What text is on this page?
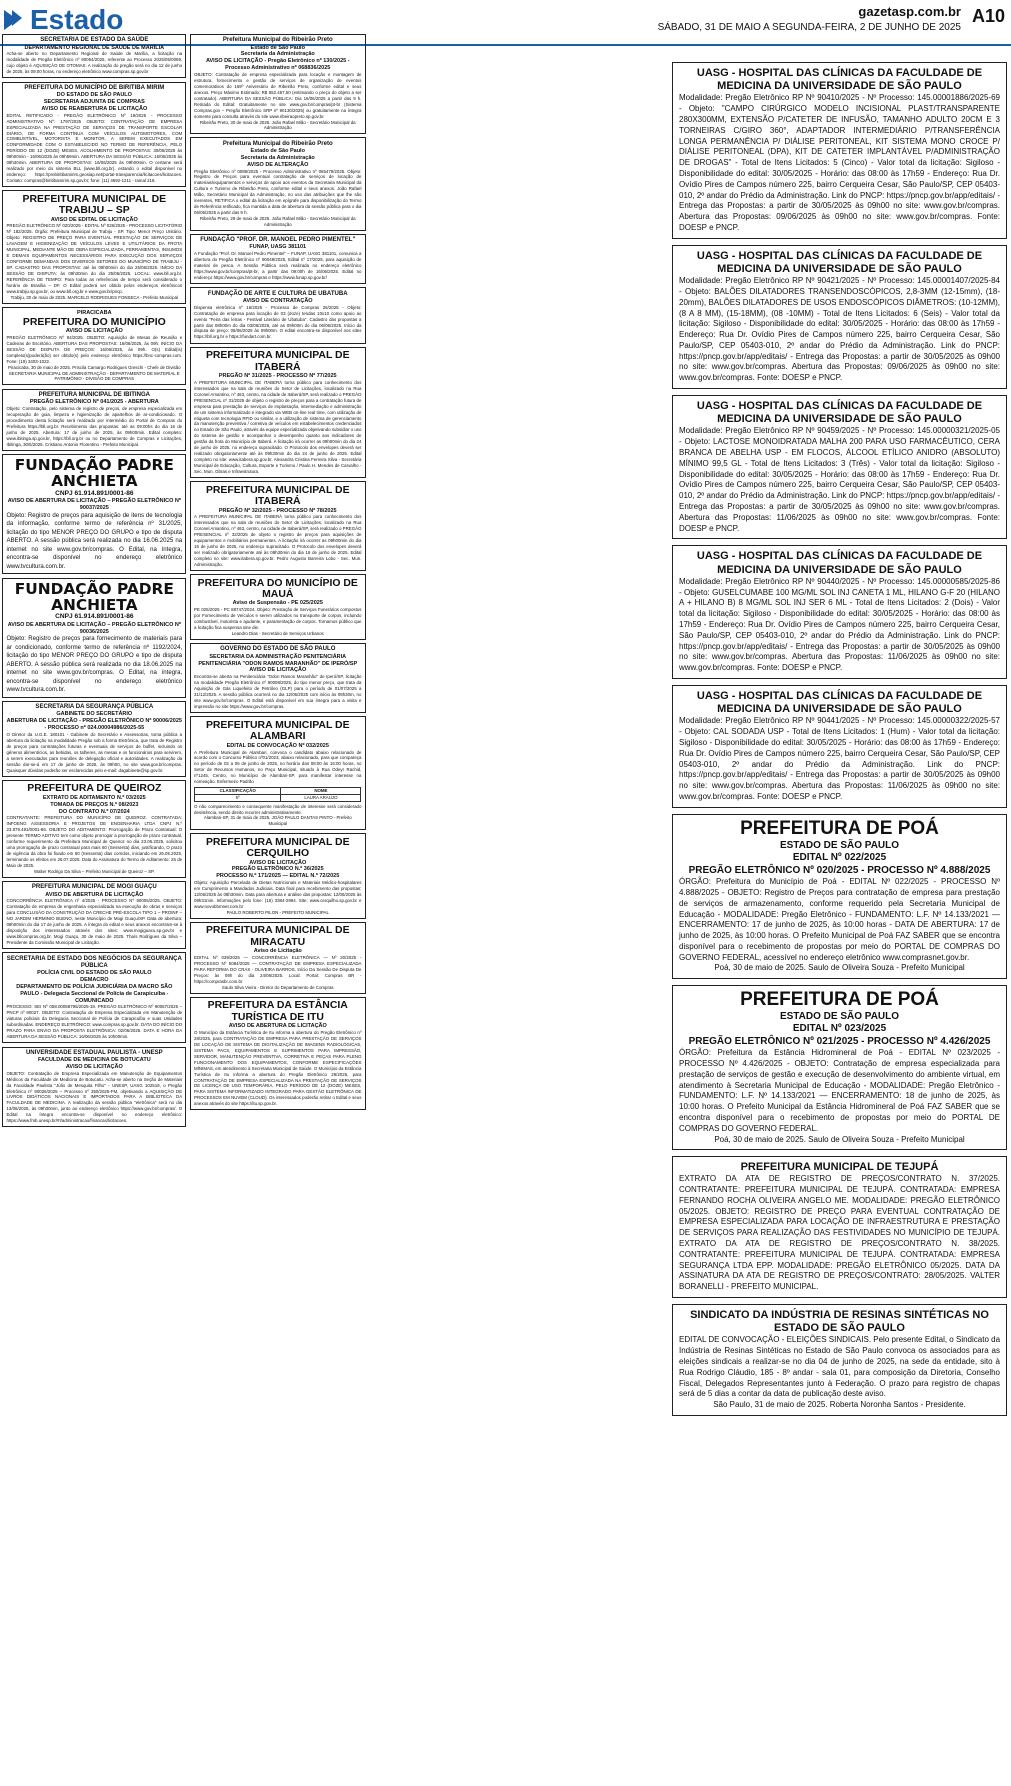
Estado	gazetasp.com.br
SÁBADO, 31 DE MAIO A SEGUNDA-FEIRA, 2 DE JUNHO DE 2025
A10
SECRETARIA DE ESTADO DA SAÚDE
DEPARTAMENTO REGIONAL DE SAÚDE DE MARÍLIA

Acha-se aberto no Departamento Regional de Saúde de Marília, a licitação na modalidade de Pregão Eletrônico nº 90054/2025, referente ao Processo 2025/05/0069, cujo objeto é AQUISIÇÃO DE OTOMAS. A realização do pregão será no dia 12 de junho de 2025, às 09:00 horas, no endereço eletrônico www.compras.sp.gov.br

PREFEITURA DO MUNICÍPIO DE BIRITIBA MIRIM
DO ESTADO DE SÃO PAULO
SECRETARIA ADJUNTA DE COMPRAS
AVISO DE REABERTURA DE LICITAÇÃO

EDITAL RETIFICADO - PREGÃO ELETRÔNICO Nº 19/2025 - PROCESSO ADMINISTRATIVO Nº: 1797/2025 OBJETO: CONTRATAÇÃO DE EMPRESA ESPECIALIZADA NA PRESTAÇÃO DE SERVIÇOS DE TRANSPORTE ESCOLAR DIÁRIO, DE FORMA CONTÍNUA COM VEÍCULOS AUTOMOTORES, COM COMBUSTÍVEL, MOTORISTA E MONITOR, A SEREM EXECUTADOS EM CONFORMIDADE COM O ESTABELECIDO NO TERMO DE REFERÊNCIA, PELO PERÍODO DE 12 (DOZE) MESES. ACOLHIMENTO DE PROPOSTAS: 30/05/2025 às 09h00min - 16/06/2025 às 09h59min. ABERTURA DA SESSÃO PÚBLICA: 16/06/2025 às 09h30min. ABERTURA DE PROPOSTAS: 16/06/2025 às 09h00min. O certame será realizado por meio do sistema BLL (www.bll.org.br), estando o edital disponível no endereço: https://prebiritibamirim.geosiap.net/portal-transparencia/licitacoes/licitacoes. Contato: compras@biritibamirim.sp.gov.br; fone: (11) 4692-1211 - ramal 218.

PREFEITURA MUNICIPAL DE TRABIJU – SP
AVISO DE EDITAL DE LICITAÇÃO

PREGÃO ELETRÔNICO Nº 020/2025 - EDITAL Nº 026/2025 - PROCESSO LICITATÓRIO Nº 182/2025. Órgão: Prefeitura Municipal de Trabiju - SP. Tipo: Menor Preço Unitário. Objeto: REGISTRO DE PREÇO PARA EVENTUAL PRESTAÇÃO DE SERVIÇOS DE LAVAGEM E HIGIENIZAÇÃO DE VEÍCULOS LEVES E UTILITÁRIOS DA FROTA MUNICIPAL, MEDIANTE MÃO DE OBRA ESPECIALIZADA, FERRAMENTAS, INSUMOS E DEMAIS EQUIPAMENTOS NECESSÁRIOS PARA EXECUÇÃO DOS SERVIÇOS CONFORME DEMANDAS DOS DIVERSOS SETORES DO MUNICÍPIO DE TRABIJU - SP. CADASTRO DAS PROPOSTAS: até às 09h00min do dia 25/06/2025. INÍCIO DA SESSÃO DE DISPUTA: às 09h30min do dia 25/06/2025. LOCAL: www.bll.org.br. REFERÊNCIA DE TEMPO: Para todas as referências de tempo será considerado o horário de Brasília – DF. O Edital poderá ser obtido pelos endereços eletrônicos www.trabiju.sp.gov.br, ou www.bll.org.br e www.gov.br/pncp.

Trabiju, 30 de maio de 2025. MARCELO RODRIGUES FONSECA - Prefeito Municipal
PIRACICABA
PREFEITURA DO MUNICÍPIO
AVISO DE LICITAÇÃO

PREGÃO ELETRÔNICO Nº 84/2025. OBJETO: Aquisição de Mesas de Reunião e Cadeiras de Escritório. ABERTURA DAS PROPOSTAS: 16/06/2025, às 09h. INÍCIO DA SESSÃO DE DISPUTA DE PREÇOS: 16/06/2025, às 09h. O(s) Edital(is) completo(s)poderá(ão) ser obtido(s) pelo endereço eletrônico https://bnc-compras.com. Fone: (19) 3403-1022.

Piracicaba, 30 de maio de 2025. Priscila Camargo Rodrigues Greschi - Chefe de Divisão
SECRETARIA MUNICIPAL DE ADMINISTRAÇÃO - DEPARTAMENTO DE MATERIAL E PATRIMÔNIO - DIVISÃO DE COMPRAS
PREFEITURA MUNICIPAL DE IBITINGA
PREGÃO ELETRÔNICO Nº 041/2025 - ABERTURA

Objeto: Contratação, pelo sistema de registro de preços, de empresa especializada em recuperação de guia, limpeza e higienização de apartelhos de ar-condicionado. O procedimento desta licitação será realizado por intermédio do Portal de Compras do Prefeitura https://bll.org.br. Recebimento das propostas: até as 09:00hs do dia 16 de junho de 2025. Abertura: 17 de junho de 2025, às 09h00min. Edital completo: www.ibitinga.sp.gov.br, https://bll.org.br ou no Departamento de Compras e Licitações, Ibitinga, 30/5/2025. Cristiano Antonio Florentino - Prefeito Municipal.

FUNDAÇÃO PADRE ANCHIETA
CNPJ 61.914.891/0001-86
AVISO DE ABERTURA DE LICITAÇÃO – PREGÃO ELETRÔNICO Nº 90037/2025

Objeto: Registro de preços para aquisição de itens de tecnologia da informação, conforme termo de referência nº 31/2025, licitação do tipo MENOR PREÇO DO GRUPO e tipo de disputa ABERTO. A sessão pública será realizada no dia 16.06.2025 na internet no site www.gov.br/compras. O Edital, na íntegra, encontra-se disponível no endereço eletrônico www.tvcultura.com.br.

FUNDAÇÃO PADRE ANCHIETA
CNPJ 61.914.891/0001-86
AVISO DE ABERTURA DE LICITAÇÃO – PREGÃO ELETRÔNICO Nº 90036/2025

Objeto: Registro de preços para fornecimento de materiais para ar condicionado, conforme termo de referência nº 1192/2024, licitação do tipo MENOR PREÇO DO GRUPO e tipo de disputa ABERTO. A sessão pública será realizada no dia 18.06.2025 na internet no site www.gov.br/compras. O Edital, na íntegra, encontra-se disponível no endereço eletrônico www.tvcultura.com.br.

SECRETARIA DA SEGURANÇA PÚBLICA
GABINETE DO SECRETÁRIO
ABERTURA DE LICITAÇÃO - PREGÃO ELETRÔNICO Nº 90006/2025 - PROCESSO nº 024.00004986/2025-55

O Diretor da U.G.E. 180101 - Gabinete do Secretário e Assessorias, torna pública a abertura da licitação na modalidade Pregão sob a forma Eletrônica, que trata de Registro de preços para contratações futuras e eventuais de serviços de buffet, incluindo os gêneros alimentícios, as bebidas, os talheres, as mesas e os funcionários para servirem, a serem executados para reuniões de delegação oficial e autoridades. A realização da sessão dar-se-á em 17 de junho de 2025, às 09h00, no site www.gov.br/compras. Quaisquer dúvidas poderão ser esclarecidas pelo e-mail: dagabinete@sp.gov.br.

PREFEITURA DE QUEIROZ
EXTRATO DE ADITAMENTO N.º 03/2025
TOMADA DE PREÇOS N.º 08/2023
DO CONTRATO N.º 07/2024

CONTRATANTE: PREFEITURA DO MUNICÍPIO DE QUEIROZ. CONTRATADA: INFOENG ASSESSORIA E PROJETOS DE ENGENHARIA LTDA CNPJ N.º 23.879.491/0001-86. OBJETO DO ADITAMENTO: Prorrogação de Prazo Contratual: O presente TERMO ADITIVO tem como objeto prorrogar a prorrogação de prazo contratual, conforme requerimento da Prefeitura Municipal de Queiroz no dia 23.05.2025, solicitou uma prorrogação de prazo contratual para mais 60 (Sessenta) dias, justificando, O prazo de vigência da obra foi fixado em 60 (Sessenta) dias corridos, iniciando em 26.05.2025, terminando os efeitos em 26.07.2025. Data do Assinatura do Termo de Aditamento: 26 de Maio de 2025.

Walter Rodrigo Da Silva – Prefeito Municipal de Queiroz – SP.
PREFEITURA MUNICIPAL DE MOGI GUAÇU
AVISO DE ABERTURA DE LICITAÇÃO

CONCORRÊNCIA ELETRÔNICA nº 4/2025 - PROCESSO Nº 90006/2025. OBJETO: Contratação de empresa de engenharia especializada na execução de obras e serviços para CONCLUSÃO DA CONSTRUÇÃO DA CRECHE PRÉ-ESCOLA TIPO 1 – PROINF – NO JARDIM HERMINIO BUENO, neste Município de Mogi Guaçu/SP. Data de abertura: 09h00min do dia 17 de junho de 2025. A íntegra do edital e seus anexos encontram-se à disposição dos interessados através dos sites: www.mogiguacu.sp.gov.br e www.bllcompras.org.br. Mogi Guaçu, 30 de maio de 2025. Thaís Rodrigues da Silva – Presidente da Comissão Municipal de Licitação.

SECRETARIA DE ESTADO DOS NEGÓCIOS DA SEGURANÇA PÚBLICA
POLÍCIA CIVIL DO ESTADO DE SÃO PAULO
DEMACRO
DEPARTAMENTO DE POLÍCIA JUDICIÁRIA DA MACRO SÃO PAULO - Delegacia Seccional de Polícia de Carapicuíba - COMUNICADO

PROCESSO: SEI Nº 058.00058795/2025-19. PREGÃO ELETRÔNICO Nº 90067/2025 – PNCP nº 90027. OBJETO: Contratação de Empresa Especializada em Manutenção de viaturas policiais da Delegacia Seccional de Polícia de Carapicuíba e suas Unidades subordinadas. ENDEREÇO ELETRÔNICO: www.compras.sp.gov.br. DATA DO INÍCIO DO PRAZO PARA ENVIO DA PROPOSTA ELETRÔNICA: 02/06/2025. DATA E HORA DA ABERTURA DA SESSÃO PÚBLICA: 16/06/2025 às 10h00min.

UNIVERSIDADE ESTADUAL PAULISTA - UNESP
FACULDADE DE MEDICINA DE BOTUCATU
AVISO DE LICITAÇÃO

OBJETO: Contratação de Empresa Especializada em Manutenção de Equipamentos Médicos da Faculdade de Medicina de Botucatu. Acha-se aberto na Seção de Materiais da Faculdade Paulista "Júlio de Mesquita Filho" - UNESP, UASG 102519, o Pregão Eletrônico nº 90026/2025 – Processo nº 350/2025-FM, objetivando a AQUISIÇÃO DE LIVROS DIDÁTICOS NACIONAIS E IMPORTADOS PARA A BIBLIOTECA DA FACULDADE DE MEDICINA. A realização da sessão pública "eletrônica" será no dia 13/06/2025, às 09h30min, junto ao endereço eletrônico https://www.gov.br/compras/. O Edital na íntegra encontra-se disponível no endereço eletrônico: https://www.fmb.unesp.br/#!/administracao/financas/licitacoes.

Prefeitura Municipal do Ribeirão Preto
Estado de São Paulo
Secretaria da Administração
AVISO DE LICITAÇÃO - Pregão Eletrônico nº 130/2025 - Processo Administrativo nº 068836/2025

OBJETO: Contratação de empresa especializada para locação e montagem de estrutura, fornecimento e gestão de serviços de organização de eventos comemorativos do 169º Aniversário de Ribeirão Preto, conforme edital e seus anexos. Preço Máximo Estimado: R$ 552.457,50 (estimando o preço do objeto a ser contratado). ABERTURA DA SESSÃO PÚBLICA: Dia 16/06/2025 a partir das 9 h. Retirada do Edital: Gratuitamente no site www.gov.br/compras/pt-br (Sistema Compras.gov – Pregão Eletrônico SRP nº 90130/2025) ou gratuitamente na íntegra somente para consulta através do site www.ribeiraopreto.sp.gov.br.

Ribeirão Preto, 30 de maio de 2025. João Rafael Mião - Secretário Municipal da Administração
Prefeitura Municipal do Ribeirão Preto
Estado de São Paulo
Secretaria da Administração
AVISO DE ALTERAÇÃO

Pregão Eletrônico nº 0089/2025 - Processo Administrativo nº 065479/2025. Objeto: Registro de Preços para eventual contratação de serviços de locação de materiais/equipamentos e serviços de apoio aos eventos da Secretaria Municipal da Cultura e Turismo de Ribeirão Preto, conforme edital e seus anexos. João Rafael Mião, Secretário Municipal da Administração, no uso das atribuições que lhe são inerentes, RETIFICA o edital da licitação em epígrafe para disponibilização do Termo de Referência retificado, fica mantida a data de abertura da sessão pública para o dia 06/06/2025 a partir das 9 h.

Ribeirão Preto, 29 de maio de 2025. João Rafael Mião - Secretário Municipal da Administração
FUNDAÇÃO "PROF. DR. MANOEL PEDRO PIMENTEL"
FUNAP, UASG 381101

A Fundação "Prof. Dr. Manoel Pedro Pimentel" – FUNAP, UASG 381101, comunica a abertura do Pregão Eletrônico nº 90049/2025, Edital nº 17/2025, para aquisição de material de pesca. A Sessão Pública será realizada no endereço eletrônico https://www.gov.br/compras/pt-br, a partir das 09:00h de 16/06/2025. Edital no endereço https://www.gov.br/compras e https://www.funap.sp.gov.br/

FUNDAÇÃO DE ARTE E CULTURA DE UBATUBA
AVISO DE CONTRATAÇÃO

Dispensa eletrônica nº 16/2025 - Processo de Compras 26/2025 - Objeto: Contratação de empresa para locação de 03 (doze) tendas 10x10 como apoio ao evento "Feira das letras - Festival Literário de Ubatuba". Cadastro das propostas a partir das 08h00m do dia 03/06/2025, até as 09h00m do dia 06/06/2025. Início da disputa de preço: 06/06/2025 às 09h00m. O edital encontra-se disponível nos sites https://bll.org.br e https://fundart.com.br.

PREFEITURA MUNICIPAL DE ITABERÁ
PREGÃO Nº 31/2025 - PROCESSO Nº 77/2025

A PREFEITURA MUNICIPAL DE ITABERÁ torna público para conhecimento dos interessados que na sala de reuniões do Setor de Licitações, localizado na Rua Coronel Amantino, nº 463, centro, na cidade de Itaberá/SP, será realizado o PREGÃO PRESENCIAL nº 31/2025 de objeto o registro de preços para a contratação futura de empresa para prestação de serviços de implantação, intermediação e administração de um sistema informatizado e integrado via WEB on-line real time, com utilização de etiqueta com tecnologia RFID ou similar, e a utilização de sistema de gerenciamento da manutenção preventiva / corretiva de veículos em estabelecimentos credenciados no Estado de São Paulo, através da equipe especializada objetivando subsidiar o uso do sistema de gestão e acompanhar o desempenho quanto aos indicadores de gestão da frota do Município de Itaberá. A licitação irá ocorrer as 09h00min do dia 24 de junho de 2025, no endereço supracitado. O Protocolo dos envelopes deverá ser realizado obrigatoriamente até às 09h30min do dia 24 de junho de 2025. Edital completo no site: www.itabera.sp.gov.br. Alexandra Cristina Ferreira Silva - Secretária Municipal de Educação, Cultura, Esporte e Turismo / Paulo H. Mendes de Carvalho - Sec. Mun. Obras e Infraestrutura.

PREFEITURA MUNICIPAL DE ITABERÁ
PREGÃO Nº 32/2025 - PROCESSO Nº 78/2025

A PREFEITURA MUNICIPAL DE ITABERÁ torna público para conhecimento dos interessados que na sala de reuniões do Setor de Licitações, localizado na Rua Coronel Amantino, nº 463, centro, na cidade de Itaberá/SP, será realizado o PREGÃO PRESENCIAL nº 32/2025 de objeto o registro de preços para aquisições de equipamentos e mobiliários permanentes. A licitação irá ocorrer as 09h00min do dia 16 de junho de 2025, no endereço supracitado. O Protocolo dos envelopes deverá ser realizado obrigatoriamente até às 09h30min do dia 16 de junho de 2025. Edital completo no site: www.itabera.sp.gov.br. Pedro Augusto Barreira Lobo - Sec. Mun. Administração.

PREFEITURA DO MUNICÍPIO DE MAUÁ
Aviso de Suspensão - PE 025/2025

PE 025/2025 - PC 88747/2024. Objeto: Prestação de Serviços Funerários compostos por Fornecimento de Veículos e serem utilizados no transporte de corpos, incluindo combustível, motorista e ajudante, e paramentação de corpos. Tornamos público que a licitação fica suspensa sine die.

Leandro Dias - Secretário de Serviços Urbanos
GOVERNO DO ESTADO DE SÃO PAULO
SECRETARIA DA ADMINISTRAÇÃO PENITENCIÁRIA
PENITENCIÁRIA "ODON RAMOS MARANHÃO" DE IPERÓ/SP
AVISO DE LICITAÇÃO

Encontra-se aberta na Penitenciária "Odon Ramos Maranhão" de Iperó/SP, licitação na modalidade Pregão Eletrônico nº 90008/2025, do tipo menor preço, que trata da Aquisição de Gás Liquefeito de Petróleo (GLP) para o período de 01/07/2025 a 31/12/2025. A sessão pública ocorrerá no dia 12/06/2025 com início às 09h30m, no site www.gov.br/compras. O Edital está disponível em sua íntegra para a visita e impressão no site https://www.gov.br/compras.

PREFEITURA MUNICIPAL DE ALAMBARI
EDITAL DE CONVOCAÇÃO Nº 032/2025

A Prefeitura Municipal de Alambari, convoca o candidato abaixo relacionado de acordo com o Concurso Público nº01/2023, abaixo relacionado, para que compareça no período de 02 a 06 de junho de 2025, no horário das 08:00 às 16:00 horas, no Setor de Recursos Humanos, no Paço Municipal, situado à Rua Odeyr Rachid, nº1245, Centro, no Município de Alambari-SP, para manifestar interesse na nomeação. Enfermeiro Padrão

CLASSIFICAÇÃO	NOME
5º	LAURA ARAUJO

O não comparecimento e consequente manifestação de interesse será considerado desistência, sendo direito recorrer administrativamente.

Alambari-SP, 31 de maio de 2025. JOÃO PAULO DANTAS PINTO - Prefeito Municipal
PREFEITURA MUNICIPAL DE CERQUILHO
AVISO DE LICITAÇÃO
PREGÃO ELETRÔNICO N.º 36/2025
PROCESSO N.º 171/2025 — EDITAL N.º 72/2025

Objeto: Aquisição Parcelada de Dietas Nutricionais e Materiais Médico-hospitalares em Cumprimento a Mandados Judiciais. Data final para recebimento das propostas: 12/06/2025 às 08h30min. Data para abertura e análise das propostas: 12/06/2025 às 09h31min. Informações pelo fone: (15) 3384-2994. Site: www.cerquilho.sp.gov.br e www.novobbmnet.com.br

PAULO ROBERTO PILON - PREFEITO MUNICIPAL
PREFEITURA MUNICIPAL DE MIRACATU
Aviso de Licitação

EDITAL Nº 039/2025 — CONCORRÊNCIA ELETRÔNICA — Nº 20/2025 - PROCESSO Nº 5084/2025 — CONTRATAÇÃO DE EMPRESA ESPECIALIZADA PARA REFORMA DO CRAS - OLIVEIRA BARROS. Início Da Sessão De Disputa De Preços: às 09h do dia 24/06/2025. Local: Portal: Compras BR - https://comprasbr.com.br

Saulo Silva Vieira - Diretor do Departamento de Compras
PREFEITURA DA ESTÂNCIA TURÍSTICA DE ITU
AVISO DE ABERTURA DE LICITAÇÃO

O Município da Estância Turística de Itu informa a abertura do Pregão Eletrônico nº 28/2025, para CONTRATAÇÃO DE EMPRESA PARA PRESTAÇÃO DE SERVIÇOS DE LOCAÇÃO DE SISTEMA DE DIGITALIZAÇÃO DE IMAGENS RADIOLÓGICAS, SISTEMA PACS, EQUIPAMENTOS E SUPRIMENTOS PARA IMPRESSÃO, SERVIDOR, MANUTENÇÃO PREVENTIVA, CORRETIVA E PEÇAS PARA PLENO FUNCIONAMENTO DOS EQUIPAMENTOS, CONFORME ESPECIFICAÇÕES MÍNIMAS, em atendimento à Secretaria Municipal de Saúde. O Município da Estância Turística de Itu informa a abertura do Pregão Eletrônico 29/2025, para CONTRATAÇÃO DE EMPRESA ESPECIALIZADA NA PRESTAÇÃO DE SERVIÇOS DE LICENÇA DE USO TEMPORÁRIA, PELO PERÍODO DE 12 (DOZE) MESES, PARA SISTEMA INFORMATIZADO INTEGRADO PARA GESTÃO ELETRÔNICA DE PROCESSOS EM NUVEM (CLOUD). Os interessados poderão retirar o Edital e seus anexos através do site https://itu.sp.gov.br.

UASG - HOSPITAL DAS CLÍNICAS DA FACULDADE DE MEDICINA DA UNIVERSIDADE DE SÃO PAULO

Modalidade: Pregão Eletrônico RP Nº 90410/2025 - Nº Processo: 145.00001886/2025-69 - Objeto: "CAMPO CIRÚRGICO MODELO INCISIONAL PLAST/TRANSPARENTE 280X300MM, EXTENSÃO P/CATETER DE INFUSÃO, TAMANHO ADULTO 20CM E 3 TORNEIRAS C/GIRO 360°, ADAPTADOR INTERMEDIÁRIO P/TRANSFERÊNCIA LONGA PERMANÊNCIA P/ DIÁLISE PERITONEAL, KIT SISTEMA MONO CROCE P/ DIÁLISE PERITONEAL (DPA), KIT DE CATETER IMPLANTÁVEL P/ADMINISTRAÇÃO DE DROGAS" - Total de Itens Licitados: 5 (Cinco) - Valor total da licitação: Sigiloso - Disponibilidade do edital: 30/05/2025 - Horário: das 08:00 às 17h59 - Endereço: Rua Dr. Ovídio Pires de Campos número 225, bairro Cerqueira Cesar, São Paulo/SP, CEP 05403-010, 2º andar do Prédio da Administração. Link do PNCP: https://pncp.gov.br/app/editais/ - Entrega das Propostas: a partir de 30/05/2025 às 09h00 no site: www.gov.br/compras. Abertura das Propostas: 09/06/2025 às 09h00 no site: www.gov.br/compras. Fonte: DOESP e PNCP.

UASG - HOSPITAL DAS CLÍNICAS DA FACULDADE DE MEDICINA DA UNIVERSIDADE DE SÃO PAULO

Modalidade: Pregão Eletrônico RP Nº 90421/2025 - Nº Processo: 145.00001407/2025-84 - Objeto: BALÕES DILATADORES TRANSENDOSCÓPICOS, 2,8-3MM (12-15mm), (18-20mm), BALÕES DILATADORES DE USOS ENDOSCÓPICOS DIÂMETROS: (10-12MM), (8 A 8 MM), (15-18MM), (08 -10MM) - Total de Itens Licitados: 6 (Seis) - Valor total da licitação: Sigiloso - Disponibilidade do edital: 30/05/2025 - Horário: das 08:00 às 17h59 - Endereço: Rua Dr. Ovídio Pires de Campos número 225, bairro Cerqueira Cesar, São Paulo/SP, CEP 05403-010, 2º andar do Prédio da Administração. Link do PNCP: https://pncp.gov.br/app/editais/ - Entrega das Propostas: a partir de 30/05/2025 às 09h00 no site: www.gov.br/compras. Abertura das Propostas: 09/06/2025 às 09h00 no site: www.gov.br/compras. Fonte: DOESP e PNCP.

UASG - HOSPITAL DAS CLÍNICAS DA FACULDADE DE MEDICINA DA UNIVERSIDADE DE SÃO PAULO

Modalidade: Pregão Eletrônico RP Nº 90459/2025 - Nº Processo: 145.00000321/2025-05 - Objeto: LACTOSE MONOIDRATADA MALHA 200 PARA USO FARMACÊUTICO, CERA BRANCA DE ABELHA USP - EM FLOCOS, ÁLCOOL ETÍLICO ANIDRO (ABSOLUTO) MÍNIMO 99,5 GL - Total de Itens Licitados: 3 (Três) - Valor total da licitação: Sigiloso - Disponibilidade do edital: 30/05/2025 - Horário: das 08:00 às 17h59 - Endereço: Rua Dr. Ovídio Pires de Campos número 225, bairro Cerqueira Cesar, São Paulo/SP, CEP 05403-010, 2º andar do Prédio da Administração. Link do PNCP: https://pncp.gov.br/app/editais/ - Entrega das Propostas: a partir de 30/05/2025 às 09h00 no site: www.gov.br/compras. Abertura das Propostas: 11/06/2025 às 09h00 no site: www.gov.br/compras. Fonte: DOESP e PNCP.

UASG - HOSPITAL DAS CLÍNICAS DA FACULDADE DE MEDICINA DA UNIVERSIDADE DE SÃO PAULO

Modalidade: Pregão Eletrônico RP Nº 90440/2025 - Nº Processo: 145.00000585/2025-86 - Objeto: GUSELCUMABE 100 MG/ML SOL INJ CANETA 1 ML, HILANO G-F 20 (HILANO A + HILANO B) 8 MG/ML SOL INJ SER 6 ML - Total de Itens Licitados: 2 (Dois) - Valor total da licitação: Sigiloso - Disponibilidade do edital: 30/05/2025 - Horário: das 08:00 às 17h59 - Endereço: Rua Dr. Ovídio Pires de Campos número 225, bairro Cerqueira Cesar, São Paulo/SP, CEP 05403-010, 2º andar do Prédio da Administração. Link do PNCP: https://pncp.gov.br/app/editais/ - Entrega das Propostas: a partir de 30/05/2025 às 09h00 no site: www.gov.br/compras. Abertura das Propostas: 11/06/2025 às 09h00 no site: www.gov.br/compras. Fonte: DOESP e PNCP.

UASG - HOSPITAL DAS CLÍNICAS DA FACULDADE DE MEDICINA DA UNIVERSIDADE DE SÃO PAULO

Modalidade: Pregão Eletrônico RP Nº 90441/2025 - Nº Processo: 145.00000322/2025-57 - Objeto: CAL SODADA USP - Total de Itens Licitados: 1 (Hum) - Valor total da licitação: Sigiloso - Disponibilidade do edital: 30/05/2025 - Horário: das 08:00 às 17h59 - Endereço: Rua Dr. Ovídio Pires de Campos número 225, bairro Cerqueira Cesar, São Paulo/SP, CEP 05403-010, 2º andar do Prédio da Administração. Link do PNCP: https://pncp.gov.br/app/editais/ - Entrega das Propostas: a partir de 30/05/2025 às 09h00 no site: www.gov.br/compras. Abertura das Propostas: 11/06/2025 às 09h00 no site: www.gov.br/compras. Fonte: DOESP e PNCP.

PREFEITURA DE POÁ
ESTADO DE SÃO PAULO
EDITAL Nº 022/2025
PREGÃO ELETRÔNICO Nº 020/2025 - PROCESSO Nº 4.888/2025

ÓRGÃO: Prefeitura do Município de Poá - EDITAL Nº 022/2025 - PROCESSO Nº 4.888/2025 - OBJETO: Registro de Preços para contratação de empresa para prestação de serviços de armazenamento, conforme requerido pela Secretaria Municipal de Educação - MODALIDADE: Pregão Eletrônico - FUNDAMENTO: L.F. Nº 14.133/2021 — ENCERRAMENTO: 17 de junho de 2025, às 10:00 horas - DATA DE ABERTURA: 17 de junho de 2025, às 10:00 horas. O Prefeito Municipal de Poá FAZ SABER que se encontra disponível para o recebimento de propostas por meio do PORTAL DE COMPRAS DO GOVERNO FEDERAL, acessível no endereço eletrônico www.comprasnet.gov.br.

Poá, 30 de maio de 2025. Saulo de Oliveira Souza - Prefeito Municipal
PREFEITURA DE POÁ
ESTADO DE SÃO PAULO
EDITAL Nº 023/2025
PREGÃO ELETRÔNICO Nº 021/2025 - PROCESSO Nº 4.426/2025

ÓRGÃO: Prefeitura da Estância Hidromineral de Poá - EDITAL Nº 023/2025 - PROCESSO Nº 4.426/2025 - OBJETO: Contratação de empresa especializada para prestação de serviços de gestão e execução de desenvolvimento do ambiente virtual, em atendimento à Secretaria Municipal de Educação - MODALIDADE: Pregão Eletrônico - FUNDAMENTO: L.F. Nº 14.133/2021 — ENCERRAMENTO: 18 de junho de 2025, às 10:00 horas. O Prefeito Municipal da Estância Hidromineral de Poá FAZ SABER que se encontra disponível para o recebimento de propostas por meio do PORTAL DE COMPRAS DO GOVERNO FEDERAL.

Poá, 30 de maio de 2025. Saulo de Oliveira Souza - Prefeito Municipal
PREFEITURA MUNICIPAL DE TEJUPÁ

EXTRATO DA ATA DE REGISTRO DE PREÇOS/CONTRATO N. 37/2025. CONTRATANTE: PREFEITURA MUNICIPAL DE TEJUPÁ. CONTRATADA: EMPRESA FERNANDO ROCHA OLIVEIRA ANGELO ME. MODALIDADE: PREGÃO ELETRÔNICO 05/2025. OBJETO: REGISTRO DE PREÇO PARA EVENTUAL CONTRATAÇÃO DE EMPRESA ESPECIALIZADA PARA LOCAÇÃO DE INFRAESTRUTURA E PRESTAÇÃO DE SERVIÇOS PARA REALIZAÇÃO DAS FESTIVIDADES NO MUNICÍPIO DE TEJUPÁ. EXTRATO DA ATA DE REGISTRO DE PREÇOS/CONTRATO N. 38/2025. CONTRATANTE: PREFEITURA MUNICIPAL DE TEJUPÁ. CONTRATADA: EMPRESA SEGURANÇA LTDA EPP. MODALIDADE: PREGÃO ELETRÔNICO 05/2025. DATA DA ASSINATURA DA ATA DE REGISTRO DE PREÇOS/CONTRATO: 28/05/2025. VALTER BORANELLI - PREFEITO MUNICIPAL.

SINDICATO DA INDÚSTRIA DE RESINAS SINTÉTICAS NO ESTADO DE SÃO PAULO

EDITAL DE CONVOCAÇÃO - ELEIÇÕES SINDICAIS. Pelo presente Edital, o Sindicato da Indústria de Resinas Sintéticas no Estado de São Paulo convoca os associados para as eleições sindicais a realizar-se no dia 04 de junho de 2025, na sede da entidade, sito à Rua Rodrigo Cláudio, 185 - 8º andar - sala 01, para composição da Diretoria, Conselho Fiscal, Delegados Representantes junto à Federação. O prazo para registro de chapas será de 5 dias a contar da data de publicação deste aviso.

São Paulo, 31 de maio de 2025. Roberta Noronha Santos - Presidente.
